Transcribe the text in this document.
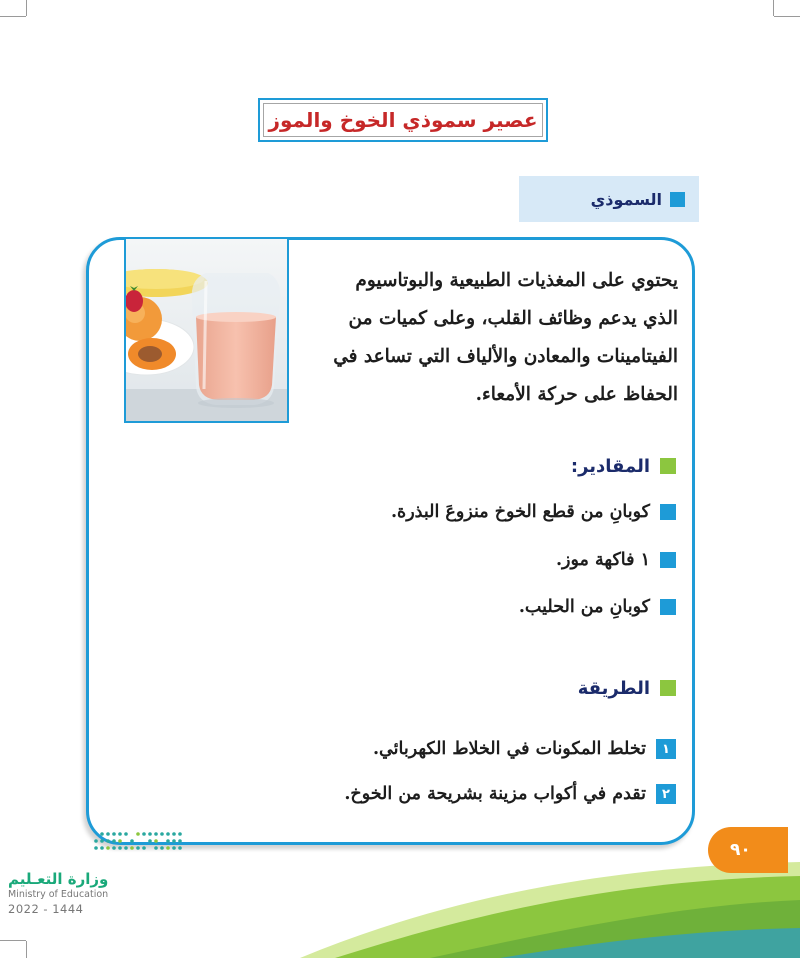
عصير سموذي الخوخ والموز
السموذي
يحتوي على المغذيات الطبيعية والبوتاسيوم
الذي يدعم وظائف القلب، وعلى كميات من
الفيتامينات والمعادن والألياف التي تساعد في
الحفاظ على حركة الأمعاء.
المقادير:
كوبانِ من قطع الخوخ منزوعَ البذرة.
١ فاكهة موز.
كوبانِ من الحليب.
الطريقة
١
تخلط المكونات في الخلاط الكهربائي.
٢
تقدم في أكواب مزينة بشريحة من الخوخ.
٩٠
وزارة التعـليم
Ministry of Education
2022 - 1444
